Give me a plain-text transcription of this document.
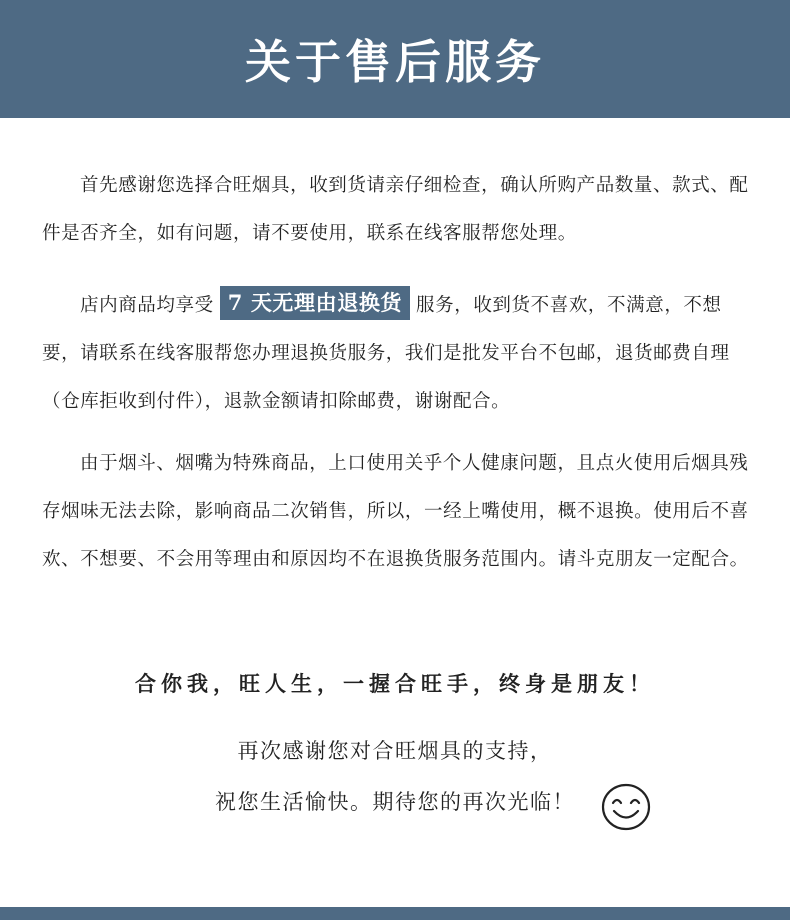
关于售后服务

首先感谢您选择合旺烟具，收到货请亲仔细检查，确认所购产品数量、款式、配件是否齐全，如有问题，请不要使用，联系在线客服帮您处理。

店内商品均享受 7 天无理由退换货 服务，收到货不喜欢，不满意，不想要，请联系在线客服帮您办理退换货服务，我们是批发平台不包邮，退货邮费自理（仓库拒收到付件），退款金额请扣除邮费，谢谢配合。

由于烟斗、烟嘴为特殊商品，上口使用关乎个人健康问题，且点火使用后烟具残存烟味无法去除，影响商品二次销售，所以，一经上嘴使用，概不退换。使用后不喜欢、不想要、不会用等理由和原因均不在退换货服务范围内。请斗克朋友一定配合。

合你我，旺人生，一握合旺手，终身是朋友！
再次感谢您对合旺烟具的支持，
祝您生活愉快。期待您的再次光临！
